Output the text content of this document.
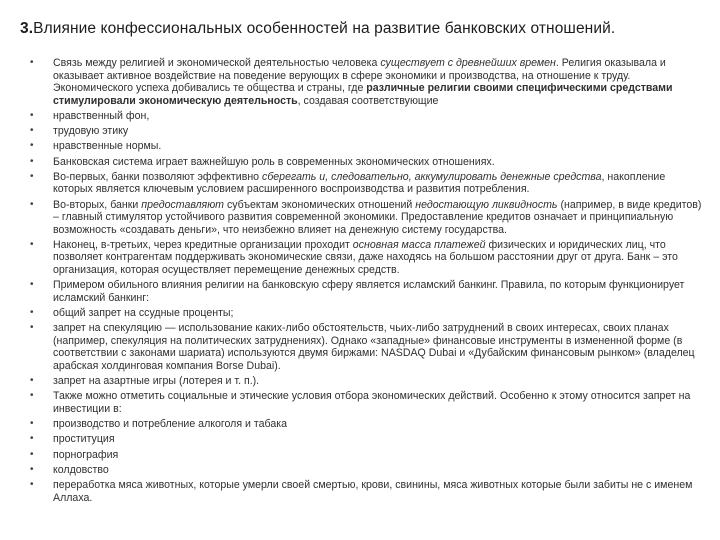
3.Влияние конфессиональных особенностей на развитие банковских отношений.
• Связь между религией и экономической деятельностью человека существует с древнейших времен. Религия оказывала и оказывает активное воздействие на поведение верующих в сфере экономики и производства, на отношение к труду. Экономического успеха добивались те общества и страны, где различные религии своими специфическими средствами стимулировали экономическую деятельность, создавая соответствующие
• нравственный фон,
• трудовую этику
• нравственные нормы.
• Банковская система играет важнейшую роль в современных экономических отношениях.
• Во-первых, банки позволяют эффективно сберегать и, следовательно, аккумулировать денежные средства, накопление которых является ключевым условием расширенного воспроизводства и развития потребления.
• Во-вторых, банки предоставляют субъектам экономических отношений недостающую ликвидность (например, в виде кредитов) – главный стимулятор устойчивого развития современной экономики. Предоставление кредитов означает и принципиальную возможность «создавать деньги», что неизбежно влияет на денежную систему государства.
• Наконец, в-третьих, через кредитные организации проходит основная масса платежей физических и юридических лиц, что позволяет контрагентам поддерживать экономические связи, даже находясь на большом расстоянии друг от друга. Банк – это организация, которая осуществляет перемещение денежных средств.
• Примером обильного влияния религии на банковскую сферу является исламский банкинг. Правила, по которым функционирует исламский банкинг:
• общий запрет на ссудные проценты;
• запрет на спекуляцию — использование каких-либо обстоятельств, чьих-либо затруднений в своих интересах, своих планах (например, спекуляция на политических затруднениях). Однако «западные» финансовые инструменты в измененной форме (в соответствии с законами шариата) используются двумя биржами: NASDAQ Dubai и «Дубайским финансовым рынком» (владелец арабская холдинговая компания Borse Dubai).
• запрет на азартные игры (лотерея и т. п.).
• Также можно отметить социальные и этические условия отбора экономических действий. Особенно к этому относится запрет на инвестиции в:
• производство и потребление алкоголя и табака
• проституция
• порнография
• колдовство
• переработка мяса животных, которые умерли своей смертью, крови, свинины, мяса животных которые были забиты не с именем Аллаха.
